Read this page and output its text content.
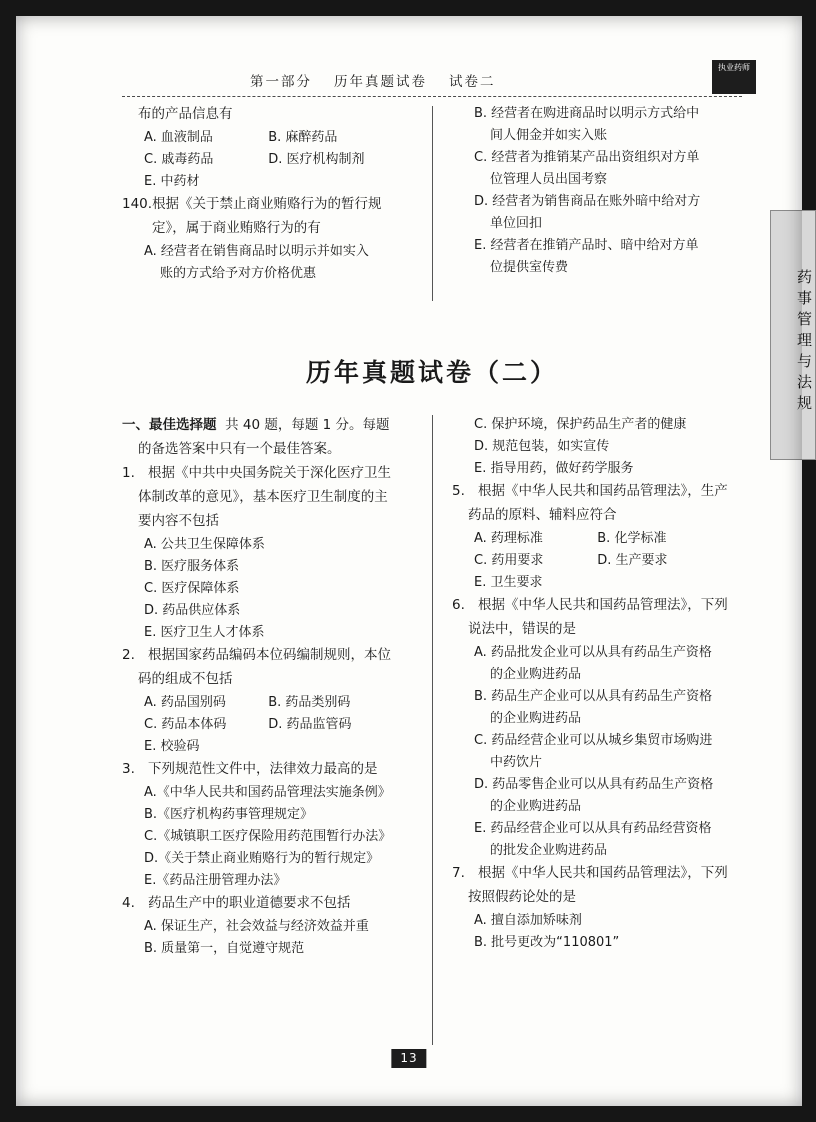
第一部分 历年真题试卷 试卷二
执业药师
药事管理与法规

布的产品信息有

A. 血液制品	B. 麻醉药品
C. 戚毒药品	D. 医疗机构制剂

E. 中药材

140.根据《关于禁止商业贿赂行为的暂行规

定》，属于商业贿赂行为的有

A. 经营者在销售商品时以明示并如实入

账的方式给予对方价格优惠

B. 经营者在购进商品时以明示方式给中

间人佣金并如实入账

C. 经营者为推销某产品出资组织对方单

位管理人员出国考察

D. 经营者为销售商品在账外暗中给对方

单位回扣

E. 经营者在推销产品时、暗中给对方单

位提供室传费

历年真题试卷（二）

一、最佳选择题 共 40 题，每题 1 分。每题

的备选答案中只有一个最佳答案。

1. 根据《中共中央国务院关于深化医疗卫生

体制改革的意见》，基本医疗卫生制度的主

要内容不包括

A. 公共卫生保障体系

B. 医疗服务体系

C. 医疗保障体系

D. 药品供应体系

E. 医疗卫生人才体系

2. 根据国家药品编码本位码编制规则，本位

码的组成不包括

A. 药品国别码	B. 药品类别码
C. 药品本体码	D. 药品监管码

E. 校验码

3. 下列规范性文件中，法律效力最高的是

A.《中华人民共和国药品管理法实施条例》

B.《医疗机构药事管理规定》

C.《城镇职工医疗保险用药范围暂行办法》

D.《关于禁止商业贿赂行为的暂行规定》

E.《药品注册管理办法》

4. 药品生产中的职业道德要求不包括

A. 保证生产，社会效益与经济效益并重

B. 质量第一，自觉遵守规范

C. 保护环境，保护药品生产者的健康

D. 规范包装，如实宣传

E. 指导用药，做好药学服务

5. 根据《中华人民共和国药品管理法》，生产

药品的原料、辅料应符合

A. 药理标准	B. 化学标准
C. 药用要求	D. 生产要求

E. 卫生要求

6. 根据《中华人民共和国药品管理法》，下列

说法中，错误的是

A. 药品批发企业可以从具有药品生产资格

的企业购进药品

B. 药品生产企业可以从具有药品生产资格

的企业购进药品

C. 药品经营企业可以从城乡集贸市场购进

中药饮片

D. 药品零售企业可以从具有药品生产资格

的企业购进药品

E. 药品经营企业可以从具有药品经营资格

的批发企业购进药品

7. 根据《中华人民共和国药品管理法》，下列

按照假药论处的是

A. 擅自添加矫味剂

B. 批号更改为“110801”

13
